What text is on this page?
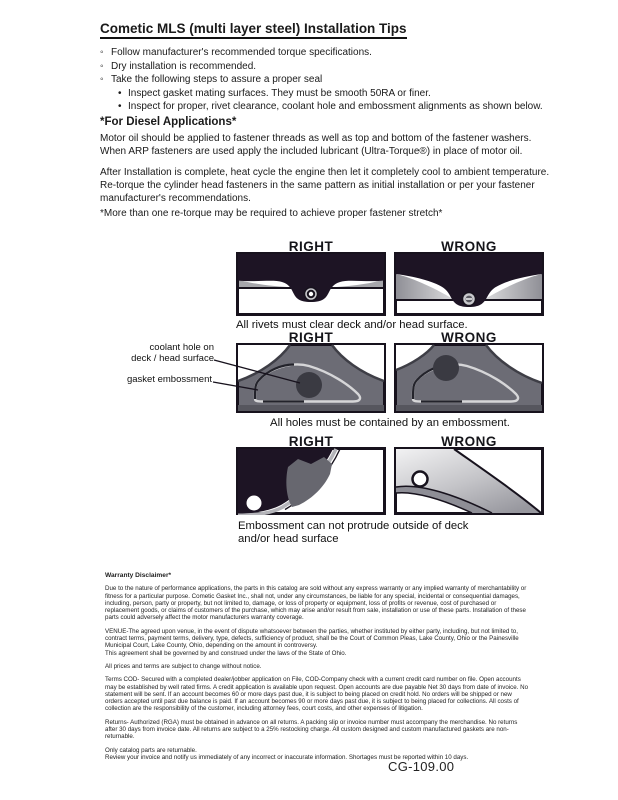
Cometic MLS (multi layer steel) Installation Tips
◦ Follow manufacturer's recommended torque specifications.
◦ Dry installation is recommended.
◦ Take the following steps to assure a proper seal
• Inspect gasket mating surfaces. They must be smooth 50RA or finer.
• Inspect for proper, rivet clearance, coolant hole and embossment alignments as shown below.
*For Diesel Applications*

Motor oil should be applied to fastener threads as well as top and bottom of the fastener washers. When ARP fasteners are used apply the included lubricant (Ultra-Torque®) in place of motor oil.

After Installation is complete, heat cycle the engine then let it completely cool to ambient temperature. Re-torque the cylinder head fasteners in the same pattern as initial installation or per your fastener manufacturer's recommendations.

*More than one re-torque may be required to achieve proper fastener stretch*

RIGHT	WRONG

All rivets must clear deck and/or head surface.

RIGHT	WRONG
coolant hole on
deck / head surface
gasket embossment

All holes must be contained by an embossment.

RIGHT	WRONG

Embossment can not protrude outside of deck
and/or head surface

Warranty Disclaimer*

Due to the nature of performance applications, the parts in this catalog are sold without any express warranty or any implied warranty of merchantability or fitness for a particular purpose. Cometic Gasket Inc., shall not, under any circumstances, be liable for any special, incidental or consequential damages, including, person, party or property, but not limited to, damage, or loss of property or equipment, loss of profits or revenue, cost of purchased or replacement goods, or claims of customers of the purchase, which may arise and/or result from sale, installation or use of these parts. Installation of these parts could adversely affect the motor manufacturers warranty coverage.

VENUE-The agreed upon venue, in the event of dispute whatsoever between the parties, whether instituted by either party, including, but not limited to, contract terms, payment terms, delivery, type, defects, sufficiency of product, shall be the Court of Common Pleas, Lake County, Ohio or the Painesville Municipal Court, Lake County, Ohio, depending on the amount in controversy.

This agreement shall be governed by and construed under the laws of the State of Ohio.

All prices and terms are subject to change without notice.

Terms COD- Secured with a completed dealer/jobber application on File, COD-Company check with a current credit card number on file. Open accounts may be established by well rated firms. A credit application is available upon request. Open accounts are due payable Net 30 days from date of invoice. No statement will be sent. If an account becomes 60 or more days past due, it is subject to being placed on credit hold. No orders will be shipped or new orders accepted until past due balance is paid. If an account becomes 90 or more days past due, it is subject to being placed for collections. All costs of collection are the responsibility of the customer, including attorney fees, court costs, and other expenses of litigation.

Returns- Authorized (RGA) must be obtained in advance on all returns. A packing slip or invoice number must accompany the merchandise. No returns after 30 days from invoice date. All returns are subject to a 25% restocking charge. All custom designed and custom manufactured gaskets are non-returnable.

Only catalog parts are returnable.

Review your invoice and notify us immediately of any incorrect or inaccurate information. Shortages must be reported within 10 days.

CG-109.00
